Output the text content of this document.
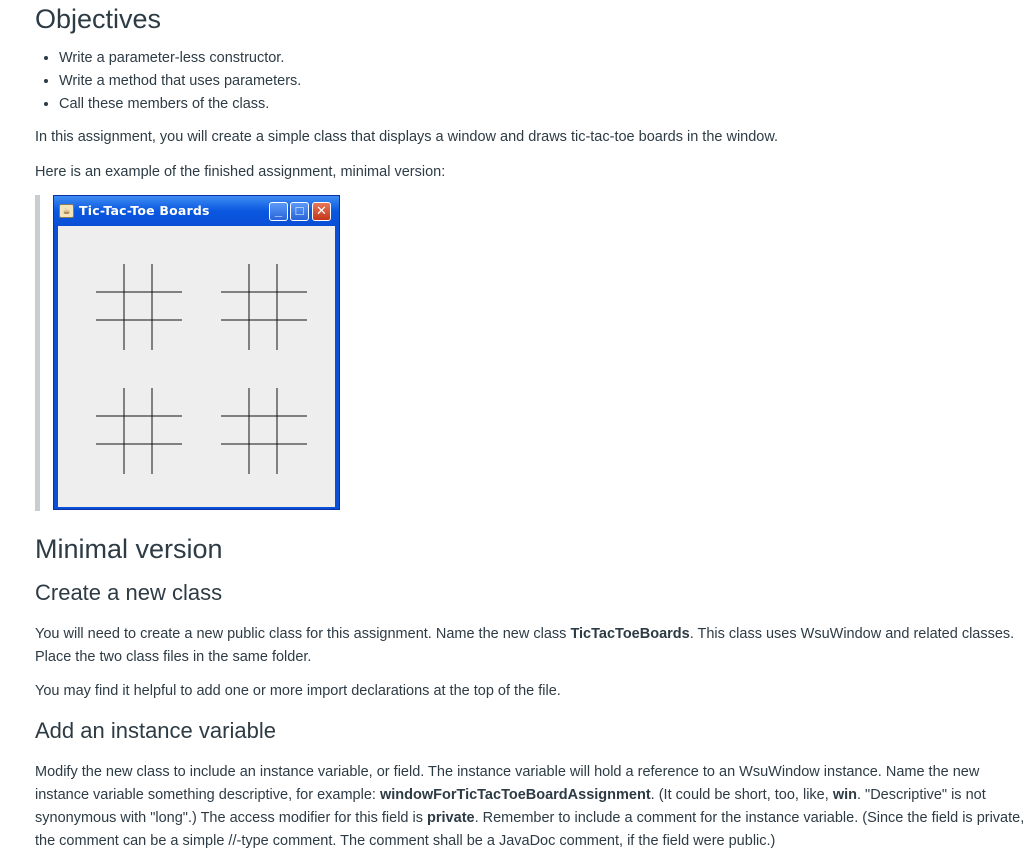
Objectives
• Write a parameter-less constructor.
• Write a method that uses parameters.
• Call these members of the class.

In this assignment, you will create a simple class that displays a window and draws tic-tac-toe boards in the window.

Here is an example of the finished assignment, minimal version:

☕ Tic-Tac-Toe Boards	_	□ ✕
Minimal version
Create a new class

You will need to create a new public class for this assignment. Name the new class TicTacToeBoards. This class uses WsuWindow and related classes. Place the two class files in the same folder.

You may find it helpful to add one or more import declarations at the top of the file.

Add an instance variable

Modify the new class to include an instance variable, or field. The instance variable will hold a reference to an WsuWindow instance. Name the new instance variable something descriptive, for example: windowForTicTacToeBoardAssignment. (It could be short, too, like, win. "Descriptive" is not synonymous with "long".) The access modifier for this field is private. Remember to include a comment for the instance variable. (Since the field is private, the comment can be a simple //-type comment. The comment shall be a JavaDoc comment, if the field were public.)
